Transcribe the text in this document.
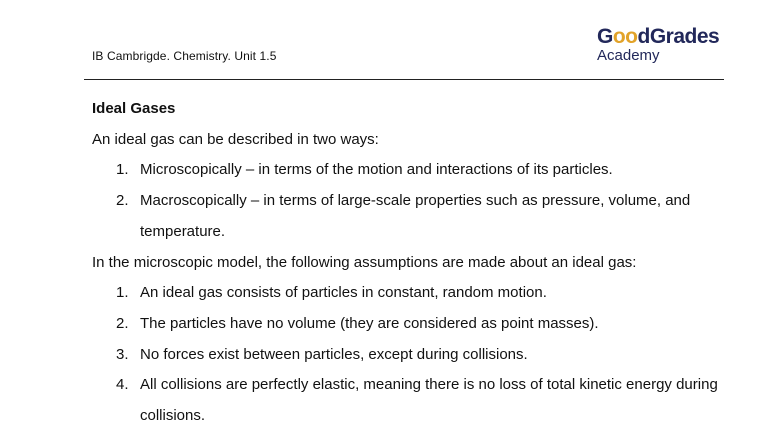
IB Cambrigde. Chemistry. Unit 1.5
GoodGrades
Academy
Ideal Gases
An ideal gas can be described in two ways:
1. Microscopically – in terms of the motion and interactions of its particles.
2. Macroscopically – in terms of large-scale properties such as pressure, volume, and temperature.
In the microscopic model, the following assumptions are made about an ideal gas:
1. An ideal gas consists of particles in constant, random motion.
2. The particles have no volume (they are considered as point masses).
3. No forces exist between particles, except during collisions.
4. All collisions are perfectly elastic, meaning there is no loss of total kinetic energy during collisions.
